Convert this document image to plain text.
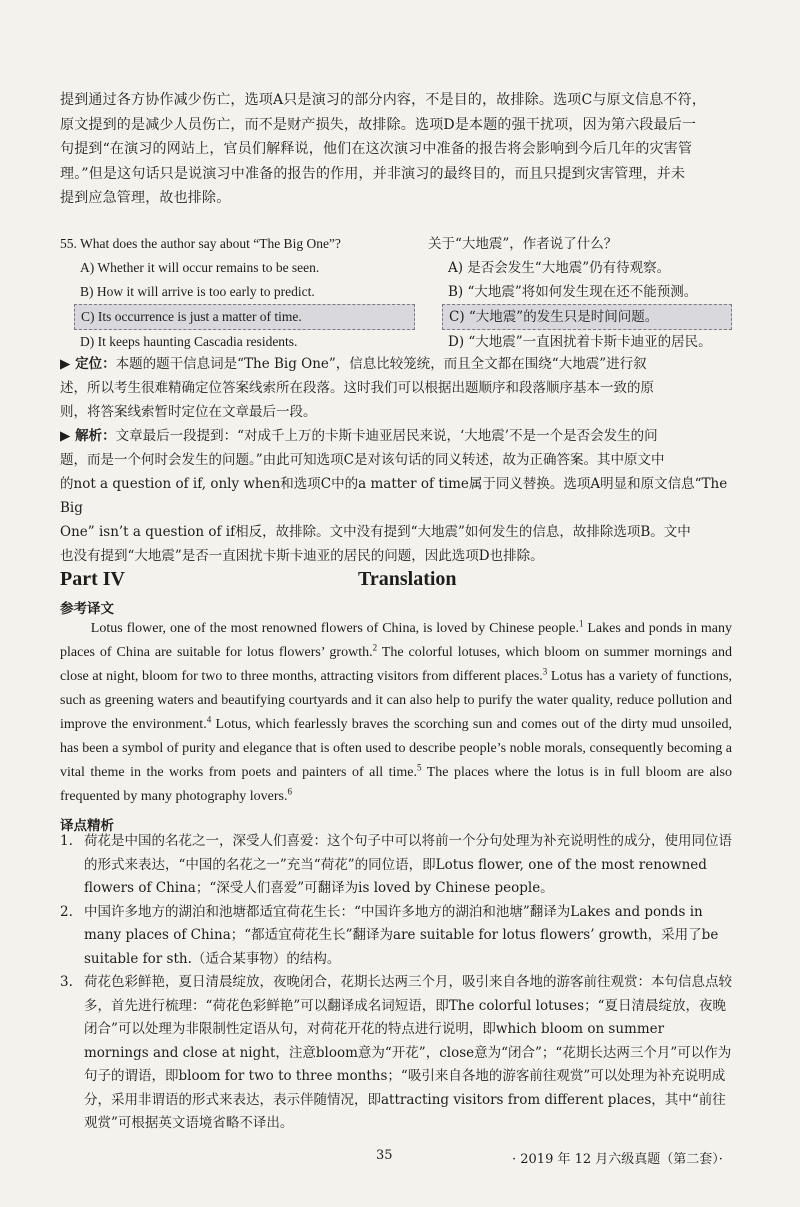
提到通过各方协作减少伤亡，选项A只是演习的部分内容，不是目的，故排除。选项C与原文信息不符，

原文提到的是减少人员伤亡，而不是财产损失，故排除。选项D是本题的强干扰项，因为第六段最后一

句提到“在演习的网站上，官员们解释说，他们在这次演习中准备的报告将会影响到今后几年的灾害管

理。”但是这句话只是说演习中准备的报告的作用，并非演习的最终目的，而且只提到灾害管理，并未

提到应急管理，故也排除。

55. What does the author say about “The Big One”?
A) Whether it will occur remains to be seen.
B) How it will arrive is too early to predict.
C) Its occurrence is just a matter of time.
D) It keeps haunting Cascadia residents.
关于“大地震”，作者说了什么？
A) 是否会发生“大地震”仍有待观察。
B) “大地震”将如何发生现在还不能预测。
C) “大地震”的发生只是时间问题。
D) “大地震”一直困扰着卡斯卡迪亚的居民。

▶ 定位：本题的题干信息词是“The Big One”，信息比较笼统，而且全文都在围绕“大地震”进行叙

述，所以考生很难精确定位答案线索所在段落。这时我们可以根据出题顺序和段落顺序基本一致的原

则，将答案线索暂时定位在文章最后一段。

▶ 解析：文章最后一段提到：“对成千上万的卡斯卡迪亚居民来说，‘大地震’不是一个是否会发生的问

题，而是一个何时会发生的问题。”由此可知选项C是对该句话的同义转述，故为正确答案。其中原文中

的not a question of if, only when和选项C中的a matter of time属于同义替换。选项A明显和原文信息“The Big

One” isn’t a question of if相反，故排除。文中没有提到“大地震”如何发生的信息，故排除选项B。文中

也没有提到“大地震”是否一直困扰卡斯卡迪亚的居民的问题，因此选项D也排除。

Part IV	Translation
参考译文

Lotus flower, one of the most renowned flowers of China, is loved by Chinese people.$^1$ Lakes and ponds in many places of China are suitable for lotus flowers’ growth.$^2$ The colorful lotuses, which bloom on summer mornings and close at night, bloom for two to three months, attracting visitors from different places.$^3$ Lotus has a variety of functions, such as greening waters and beautifying courtyards and it can also help to purify the water quality, reduce pollution and improve the environment.$^4$ Lotus, which fearlessly braves the scorching sun and comes out of the dirty mud unsoiled, has been a symbol of purity and elegance that is often used to describe people’s noble morals, consequently becoming a vital theme in the works from poets and painters of all time.$^5$ The places where the lotus is in full bloom are also frequented by many photography lovers.$^6$

译点精析

1. 荷花是中国的名花之一，深受人们喜爱：这个句子中可以将前一个分句处理为补充说明性的成分，使用同位语的形式来表达，“中国的名花之一”充当“荷花”的同位语，即Lotus flower, one of the most renowned flowers of China；“深受人们喜爱”可翻译为is loved by Chinese people。

2. 中国许多地方的湖泊和池塘都适宜荷花生长：“中国许多地方的湖泊和池塘”翻译为Lakes and ponds in many places of China；“都适宜荷花生长”翻译为are suitable for lotus flowers’ growth，采用了be suitable for sth.（适合某事物）的结构。

3. 荷花色彩鲜艳，夏日清晨绽放，夜晚闭合，花期长达两三个月，吸引来自各地的游客前往观赏：本句信息点较多，首先进行梳理：“荷花色彩鲜艳”可以翻译成名词短语，即The colorful lotuses；“夏日清晨绽放，夜晚闭合”可以处理为非限制性定语从句，对荷花开花的特点进行说明，即which bloom on summer mornings and close at night，注意bloom意为“开花”，close意为“闭合”；“花期长达两三个月”可以作为句子的谓语，即bloom for two to three months；“吸引来自各地的游客前往观赏”可以处理为补充说明成分，采用非谓语的形式来表达，表示伴随情况，即attracting visitors from different places，其中“前往观赏”可根据英文语境省略不译出。

35	· 2019 年 12 月六级真题（第二套）·
